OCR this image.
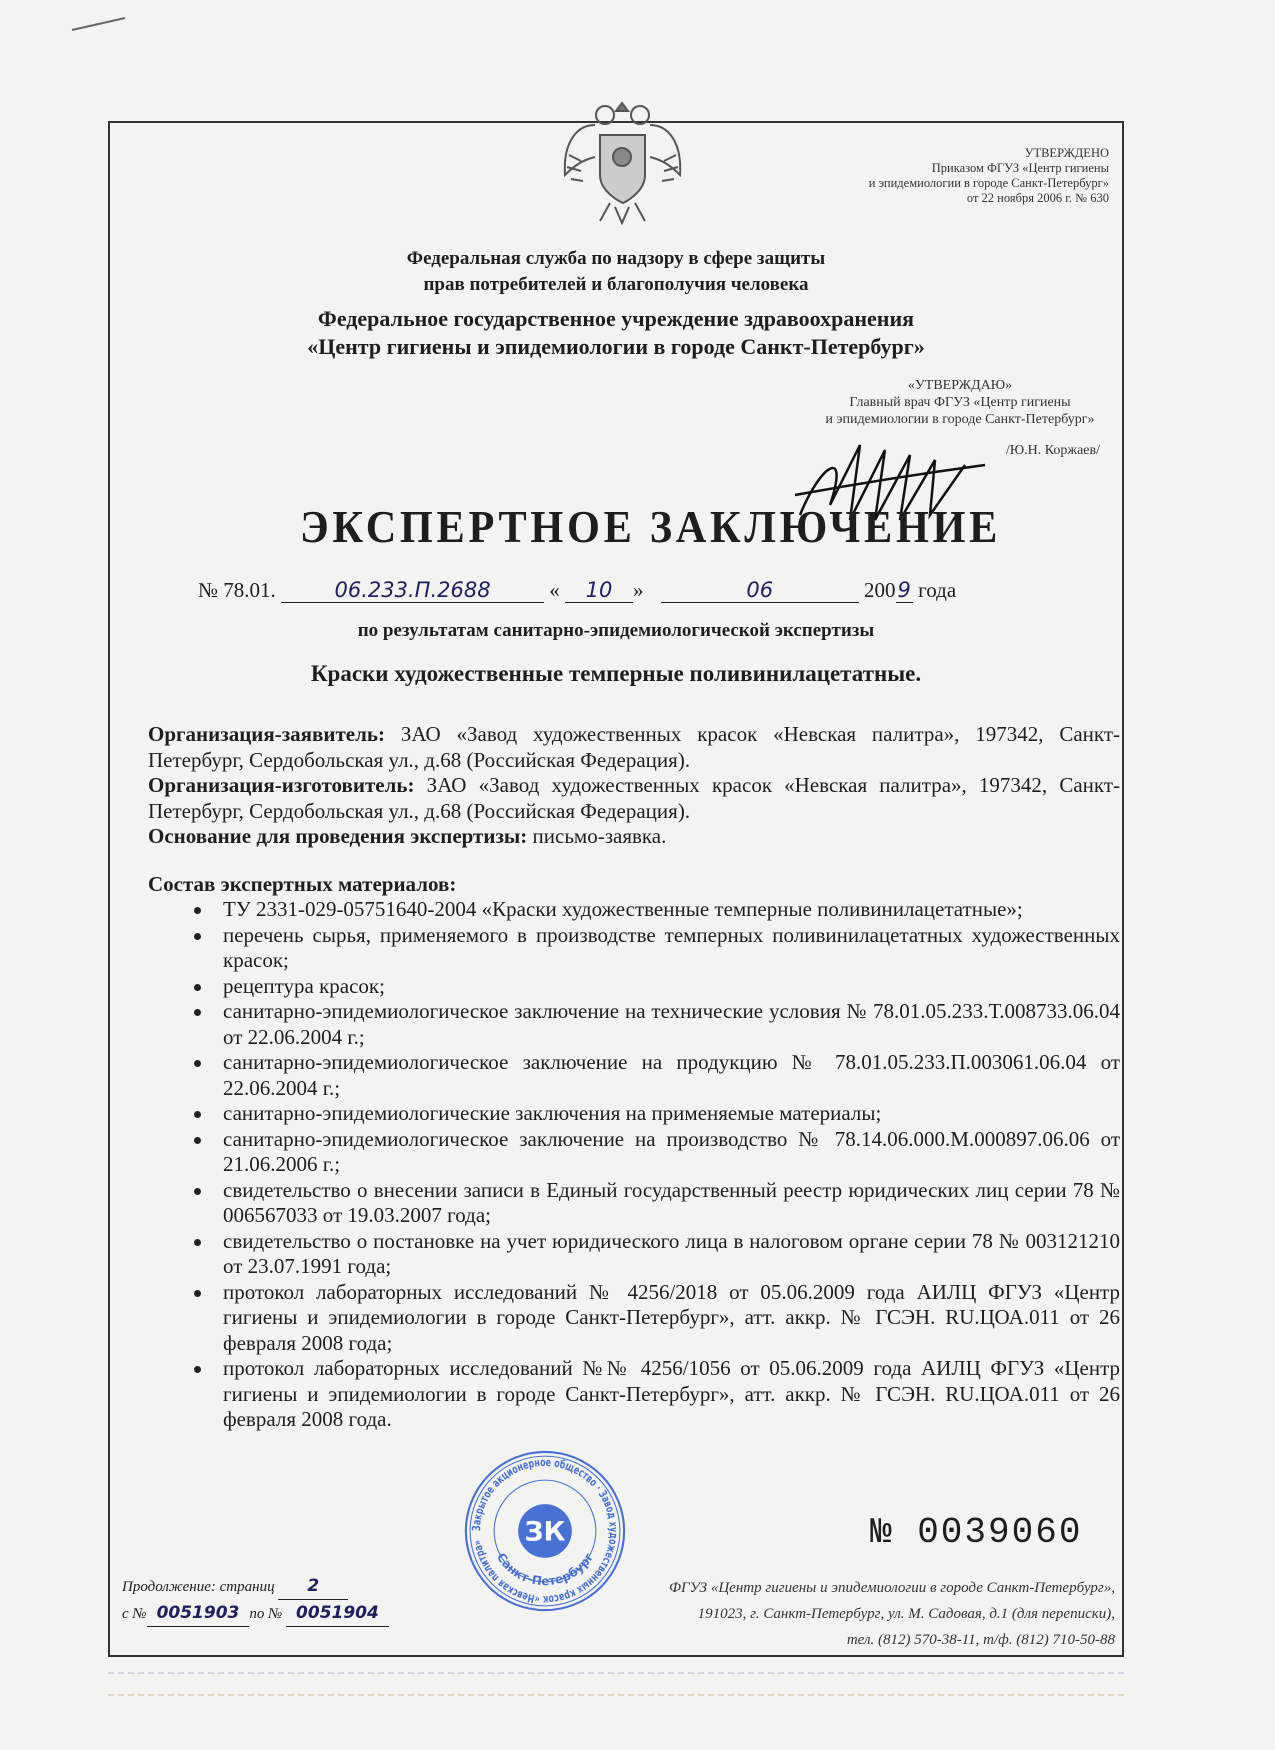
УТВЕРЖДЕНО
Приказом ФГУЗ «Центр гигиены
и эпидемиологии в городе Санкт-Петербург»
от 22 ноября 2006 г. № 630
Федеральная служба по надзору в сфере защиты
прав потребителей и благополучия человека
Федеральное государственное учреждение здравоохранения
«Центр гигиены и эпидемиологии в городе Санкт-Петербург»
«УТВЕРЖДАЮ»
Главный врач ФГУЗ «Центр гигиены
и эпидемиологии в городе Санкт-Петербург»
/Ю.Н. Коржаев/
ЭКСПЕРТНОЕ ЗАКЛЮЧЕНИЕ
№ 78.01.	06.233.П.2688	« 10 »	06	2009 года
по результатам санитарно-эпидемиологической экспертизы
Краски художественные темперные поливинилацетатные.

Организация-заявитель: ЗАО «Завод художественных красок «Невская палитра», 197342, Санкт-Петербург, Сердобольская ул., д.68 (Российская Федерация).

Организация-изготовитель: ЗАО «Завод художественных красок «Невская палитра», 197342, Санкт-Петербург, Сердобольская ул., д.68 (Российская Федерация).

Основание для проведения экспертизы: письмо-заявка.

Состав экспертных материалов:

ТУ 2331-029-05751640-2004 «Краски художественные темперные поливинилацетатные»;
перечень сырья, применяемого в производстве темперных поливинилацетатных художественных красок;
рецептура красок;
санитарно-эпидемиологическое заключение на технические условия № 78.01.05.233.Т.008733.06.04 от 22.06.2004 г.;
санитарно-эпидемиологическое заключение на продукцию № 78.01.05.233.П.003061.06.04 от 22.06.2004 г.;
санитарно-эпидемиологические заключения на применяемые материалы;
санитарно-эпидемиологическое заключение на производство № 78.14.06.000.М.000897.06.06 от 21.06.2006 г.;
свидетельство о внесении записи в Единый государственный реестр юридических лиц серии 78 № 006567033 от 19.03.2007 года;
свидетельство о постановке на учет юридического лица в налоговом органе серии 78 № 003121210 от 23.07.1991 года;
протокол лабораторных исследований № 4256/2018 от 05.06.2009 года АИЛЦ ФГУЗ «Центр гигиены и эпидемиологии в городе Санкт-Петербург», атт. аккр. № ГСЭН. RU.ЦОА.011 от 26 февраля 2008 года;
протокол лабораторных исследований №№ 4256/1056 от 05.06.2009 года АИЛЦ ФГУЗ «Центр гигиены и эпидемиологии в городе Санкт-Петербург», атт. аккр. № ГСЭН. RU.ЦОА.011 от 26 февраля 2008 года.
Закрытое акционерное общество · Завод художественных красок «Невская палитра»
Санкт-Петербург
ЗК	№ 0039060
Продолжение: страниц 2
с № 0051903 по № 0051904
ФГУЗ «Центр гигиены и эпидемиологии в городе Санкт-Петербург»,
191023, г. Санкт-Петербург, ул. М. Садовая, д.1 (для переписки),
тел. (812) 570-38-11, т/ф. (812) 710-50-88
